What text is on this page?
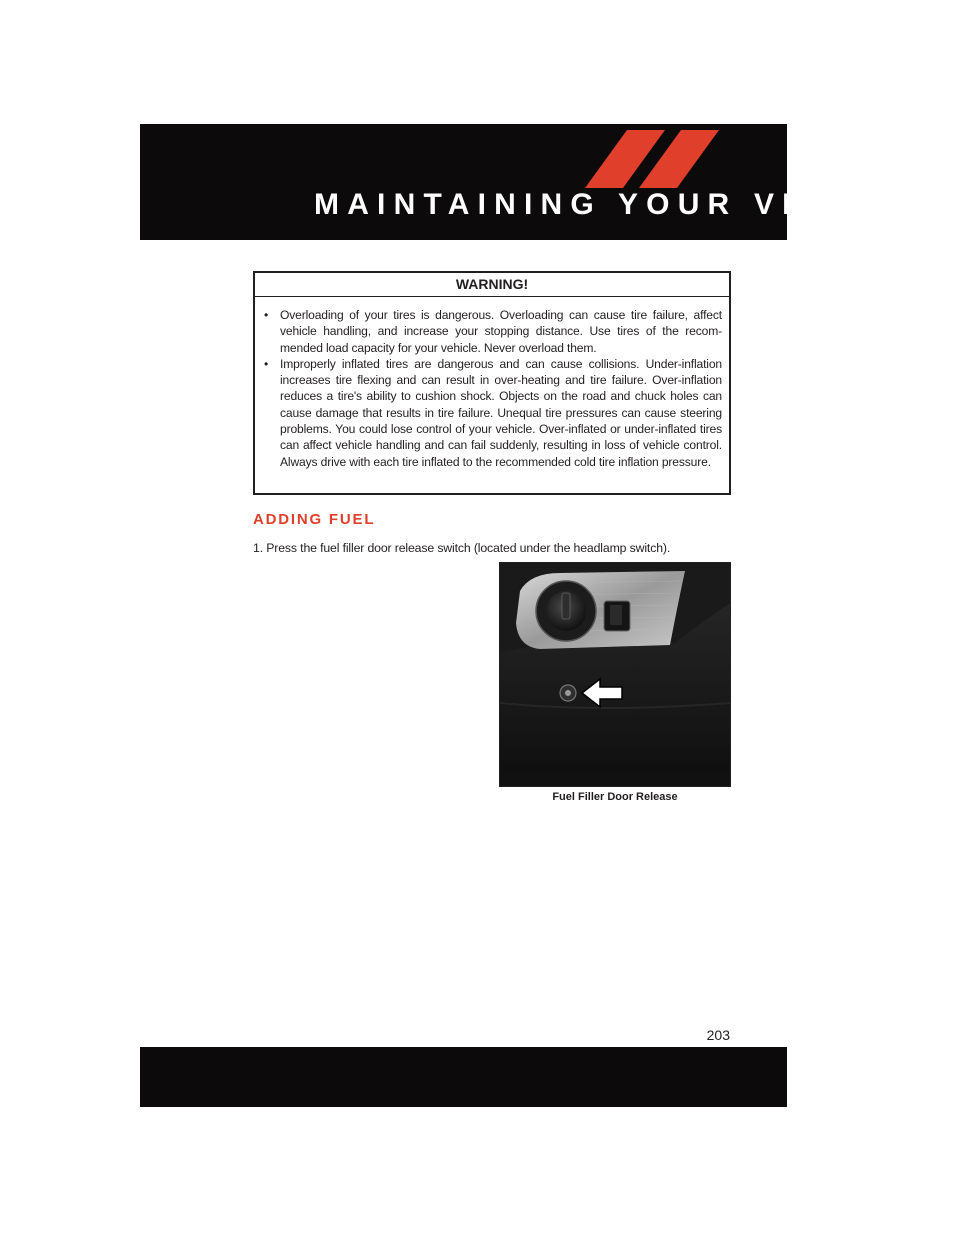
MAINTAINING YOUR VEHICLE
WARNING!
• Overloading of your tires is dangerous. Overloading can cause tire failure, affect vehicle handling, and increase your stopping distance. Use tires of the recom-mended load capacity for your vehicle. Never overload them.
• Improperly inflated tires are dangerous and can cause collisions. Under-inflation increases tire flexing and can result in over-heating and tire failure. Over-inflation reduces a tire's ability to cushion shock. Objects on the road and chuck holes can cause damage that results in tire failure. Unequal tire pressures can cause steering problems. You could lose control of your vehicle. Over-inflated or under-inflated tires can affect vehicle handling and can fail suddenly, resulting in loss of vehicle control. Always drive with each tire inflated to the recommended cold tire inflation pressure.
ADDING FUEL

1. Press the fuel filler door release switch (located under the headlamp switch).

Fuel Filler Door Release

203
